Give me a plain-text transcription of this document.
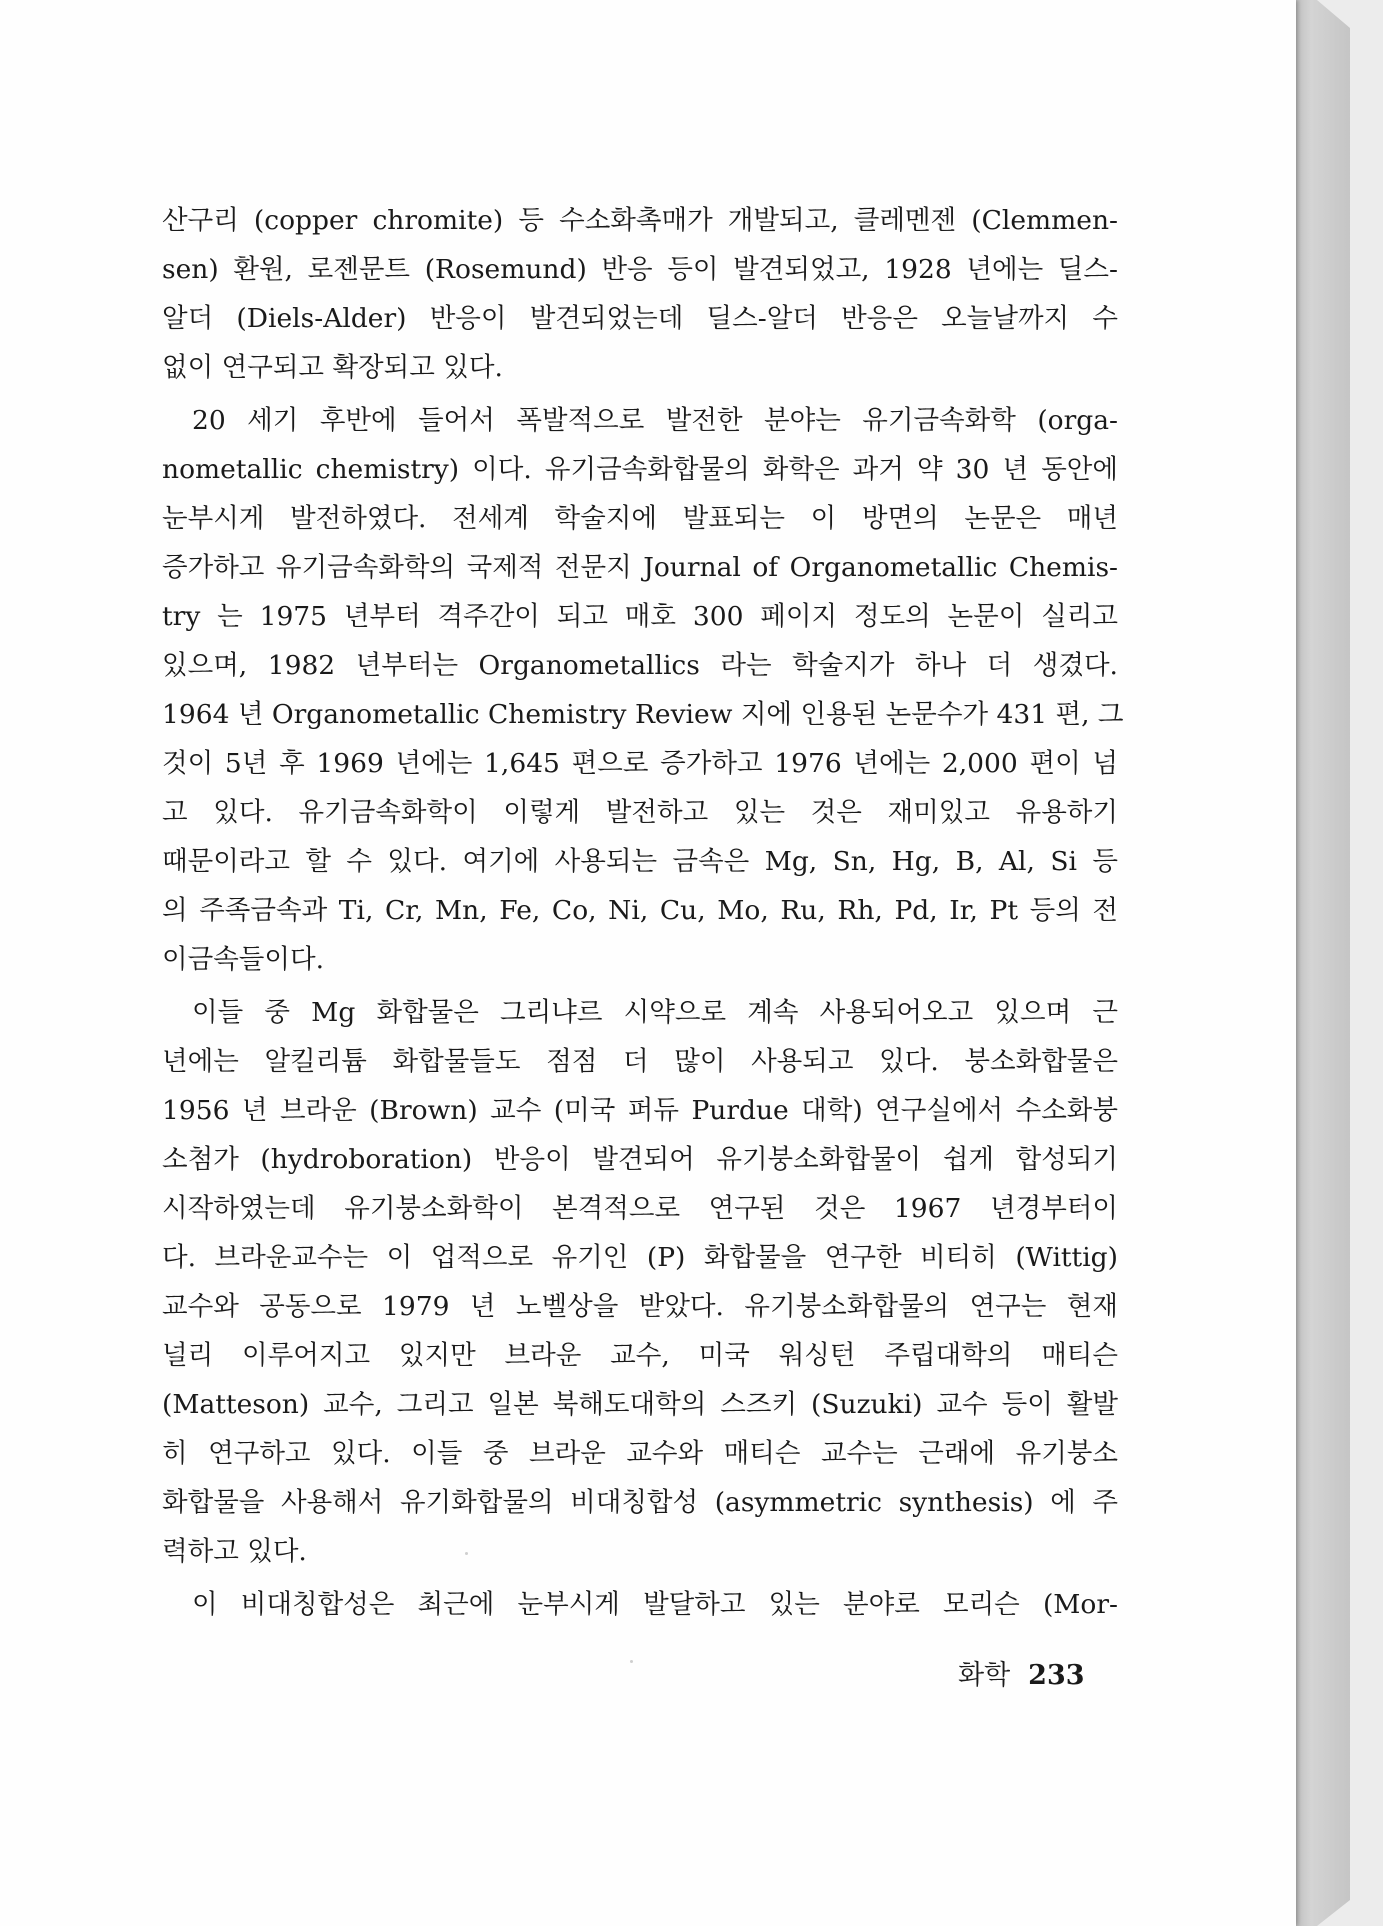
산구리 (copper chromite) 등 수소화촉매가 개발되고, 클레멘젠 (Clemmen-
sen) 환원, 로젠문트 (Rosemund) 반응 등이 발견되었고, 1928 년에는 딜스-
알더 (Diels-Alder) 반응이 발견되었는데 딜스-알더 반응은 오늘날까지 수
없이 연구되고 확장되고 있다.
20 세기 후반에 들어서 폭발적으로 발전한 분야는 유기금속화학 (orga-
nometallic chemistry) 이다. 유기금속화합물의 화학은 과거 약 30 년 동안에
눈부시게 발전하였다. 전세계 학술지에 발표되는 이 방면의 논문은 매년
증가하고 유기금속화학의 국제적 전문지 Journal of Organometallic Chemis-
try 는 1975 년부터 격주간이 되고 매호 300 페이지 정도의 논문이 실리고
있으며, 1982 년부터는 Organometallics 라는 학술지가 하나 더 생겼다.
1964 년 Organometallic Chemistry Review 지에 인용된 논문수가 431 편, 그
것이 5년 후 1969 년에는 1,645 편으로 증가하고 1976 년에는 2,000 편이 넘
고 있다. 유기금속화학이 이렇게 발전하고 있는 것은 재미있고 유용하기
때문이라고 할 수 있다. 여기에 사용되는 금속은 Mg, Sn, Hg, B, Al, Si 등
의 주족금속과 Ti, Cr, Mn, Fe, Co, Ni, Cu, Mo, Ru, Rh, Pd, Ir, Pt 등의 전
이금속들이다.
이들 중 Mg 화합물은 그리냐르 시약으로 계속 사용되어오고 있으며 근
년에는 알킬리튬 화합물들도 점점 더 많이 사용되고 있다. 붕소화합물은
1956 년 브라운 (Brown) 교수 (미국 퍼듀 Purdue 대학) 연구실에서 수소화붕
소첨가 (hydroboration) 반응이 발견되어 유기붕소화합물이 쉽게 합성되기
시작하였는데 유기붕소화학이 본격적으로 연구된 것은 1967 년경부터이
다. 브라운교수는 이 업적으로 유기인 (P) 화합물을 연구한 비티히 (Wittig)
교수와 공동으로 1979 년 노벨상을 받았다. 유기붕소화합물의 연구는 현재
널리 이루어지고 있지만 브라운 교수, 미국 워싱턴 주립대학의 매티슨
(Matteson) 교수, 그리고 일본 북해도대학의 스즈키 (Suzuki) 교수 등이 활발
히 연구하고 있다. 이들 중 브라운 교수와 매티슨 교수는 근래에 유기붕소
화합물을 사용해서 유기화합물의 비대칭합성 (asymmetric synthesis) 에 주
력하고 있다.
이 비대칭합성은 최근에 눈부시게 발달하고 있는 분야로 모리슨 (Mor-
화학 233
